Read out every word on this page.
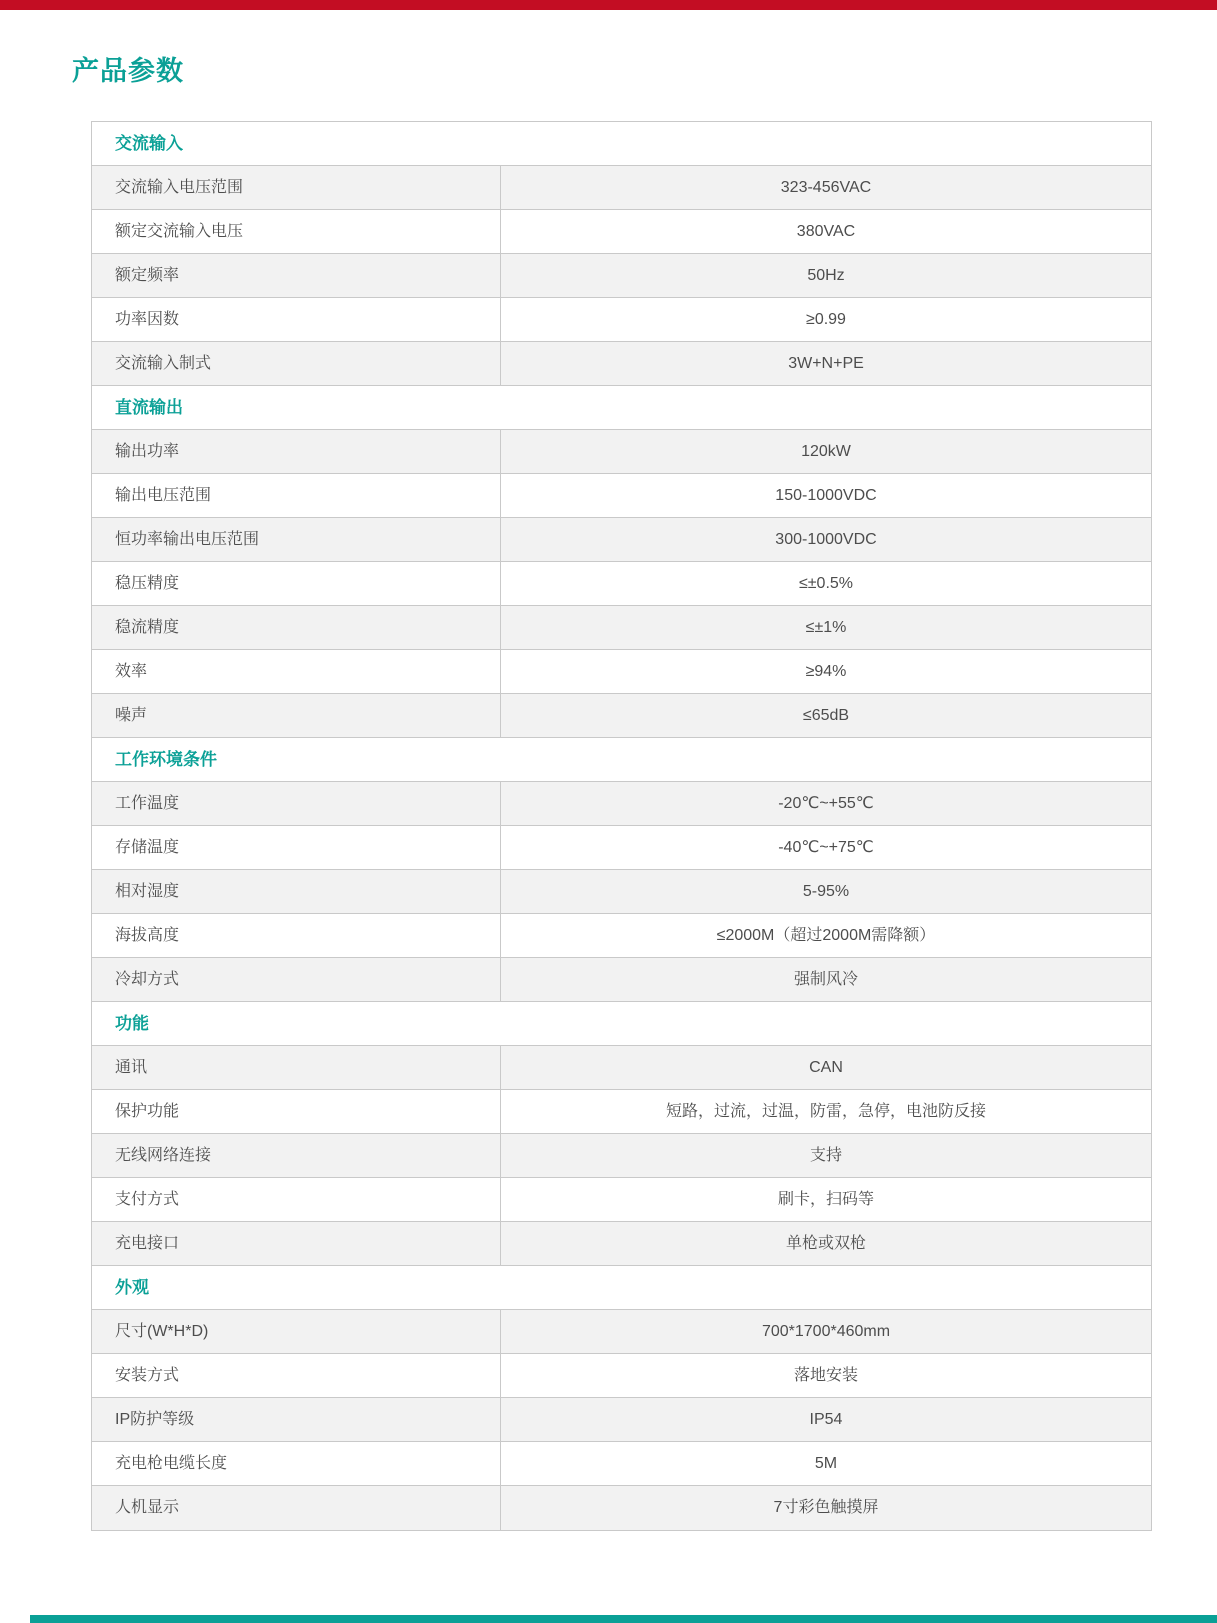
产品参数
交流输入
交流输入电压范围	323-456VAC
额定交流输入电压	380VAC
额定频率	50Hz
功率因数	≥0.99
交流输入制式	3W+N+PE
直流输出
输出功率	120kW
输出电压范围	150-1000VDC
恒功率输出电压范围	300-1000VDC
稳压精度	≤±0.5%
稳流精度	≤±1%
效率	≥94%
噪声	≤65dB
工作环境条件
工作温度	-20℃~+55℃
存储温度	-40℃~+75℃
相对湿度	5-95%
海拔高度	≤2000M（超过2000M需降额）
冷却方式	强制风冷
功能
通讯	CAN
保护功能	短路，过流，过温，防雷，急停，电池防反接
无线网络连接	支持
支付方式	刷卡，扫码等
充电接口	单枪或双枪
外观
尺寸(W*H*D)	700*1700*460mm
安装方式	落地安装
IP防护等级	IP54
充电枪电缆长度	5M
人机显示	7寸彩色触摸屏
